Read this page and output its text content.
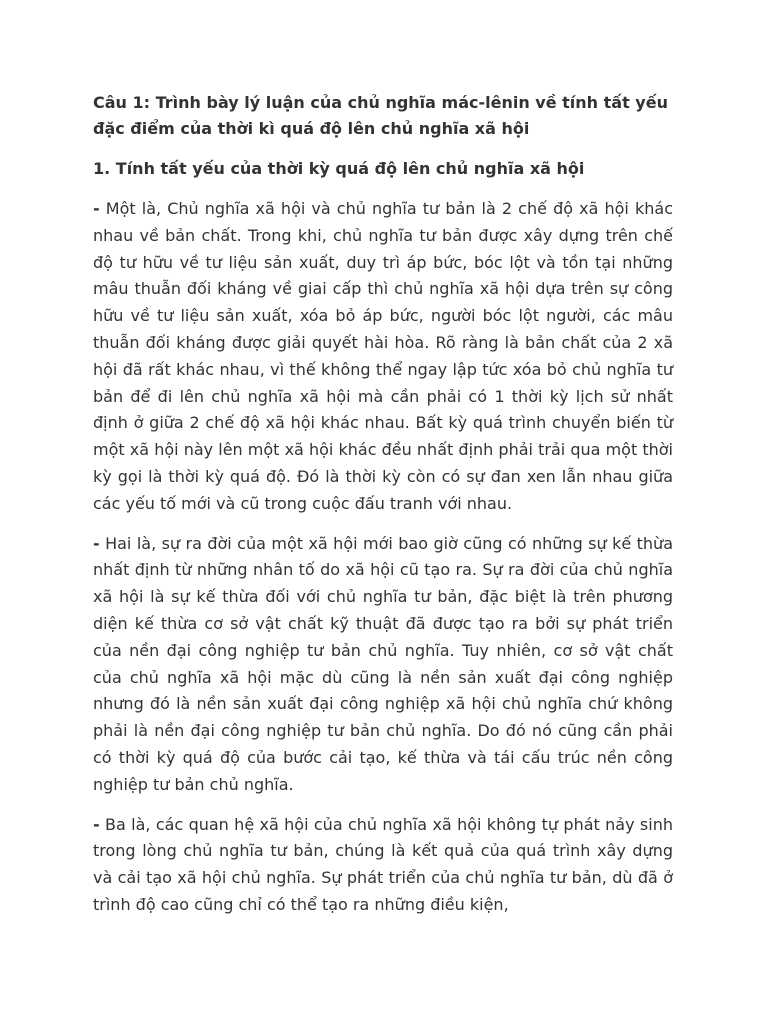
Câu 1: Trình bày lý luận của chủ nghĩa mác-lênin về tính tất yếu đặc điểm của thời kì quá độ lên chủ nghĩa xã hội

1. Tính tất yếu của thời kỳ quá độ lên chủ nghĩa xã hội

- Một là, Chủ nghĩa xã hội và chủ nghĩa tư bản là 2 chế độ xã hội khác nhau về bản chất. Trong khi, chủ nghĩa tư bản được xây dựng trên chế độ tư hữu về tư liệu sản xuất, duy trì áp bức, bóc lột và tồn tại những mâu thuẫn đối kháng về giai cấp thì chủ nghĩa xã hội dựa trên sự công hữu về tư liệu sản xuất, xóa bỏ áp bức, người bóc lột người, các mâu thuẫn đối kháng được giải quyết hài hòa. Rõ ràng là bản chất của 2 xã hội đã rất khác nhau, vì thế không thể ngay lập tức xóa bỏ chủ nghĩa tư bản để đi lên chủ nghĩa xã hội mà cần phải có 1 thời kỳ lịch sử nhất định ở giữa 2 chế độ xã hội khác nhau. Bất kỳ quá trình chuyển biến từ một xã hội này lên một xã hội khác đều nhất định phải trải qua một thời kỳ gọi là thời kỳ quá độ. Đó là thời kỳ còn có sự đan xen lẫn nhau giữa các yếu tố mới và cũ trong cuộc đấu tranh với nhau.

- Hai là, sự ra đời của một xã hội mới bao giờ cũng có những sự kế thừa nhất định từ những nhân tố do xã hội cũ tạo ra. Sự ra đời của chủ nghĩa xã hội là sự kế thừa đối với chủ nghĩa tư bản, đặc biệt là trên phương diện kế thừa cơ sở vật chất kỹ thuật đã được tạo ra bởi sự phát triển của nền đại công nghiệp tư bản chủ nghĩa. Tuy nhiên, cơ sở vật chất của chủ nghĩa xã hội mặc dù cũng là nền sản xuất đại công nghiệp nhưng đó là nền sản xuất đại công nghiệp xã hội chủ nghĩa chứ không phải là nền đại công nghiệp tư bản chủ nghĩa. Do đó nó cũng cần phải có thời kỳ quá độ của bước cải tạo, kế thừa và tái cấu trúc nền công nghiệp tư bản chủ nghĩa.

- Ba là, các quan hệ xã hội của chủ nghĩa xã hội không tự phát nảy sinh trong lòng chủ nghĩa tư bản, chúng là kết quả của quá trình xây dựng và cải tạo xã hội chủ nghĩa. Sự phát triển của chủ nghĩa tư bản, dù đã ở trình độ cao cũng chỉ có thể tạo ra những điều kiện,
